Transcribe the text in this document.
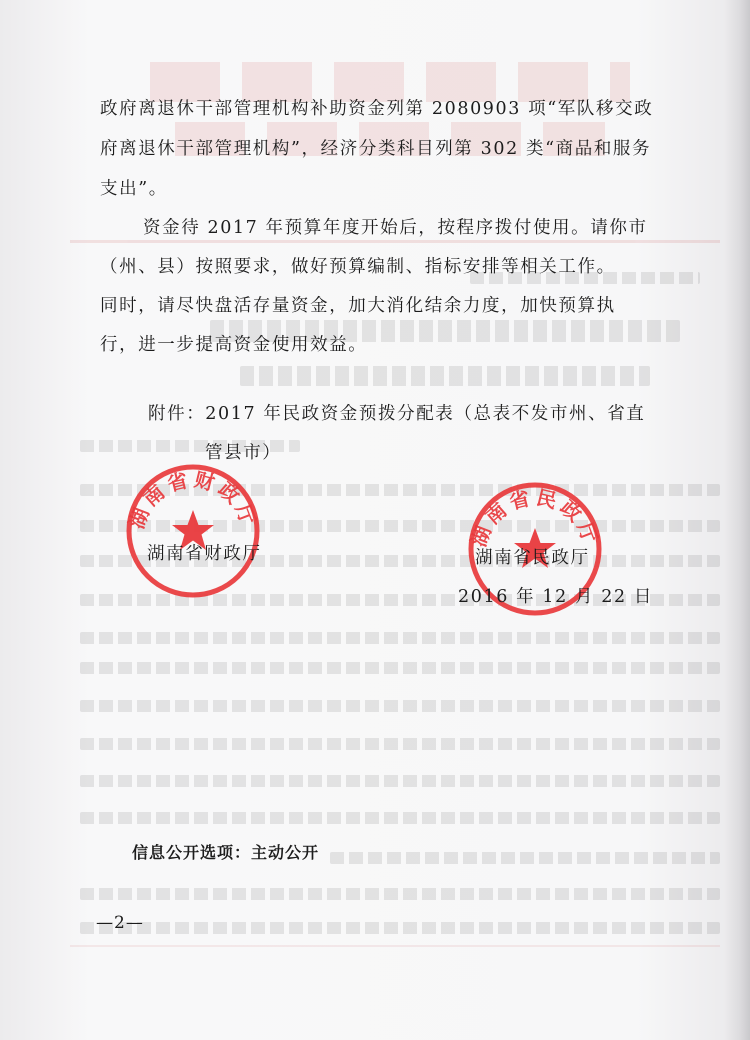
政府离退休干部管理机构补助资金列第 2080903 项“军队移交政
府离退休干部管理机构”，经济分类科目列第 302 类“商品和服务
支出”。
资金待 2017 年预算年度开始后，按程序拨付使用。请你市
（州、县）按照要求，做好预算编制、指标安排等相关工作。
同时，请尽快盘活存量资金，加大消化结余力度，加快预算执
行，进一步提高资金使用效益。
附件：2017 年民政资金预拨分配表（总表不发市州、省直
管县市）
湖南省财政厅
湖南省民政厅
湖南省财政厅	湖南省民政厅
2016 年 12 月 22 日
信息公开选项：主动公开
—2—
